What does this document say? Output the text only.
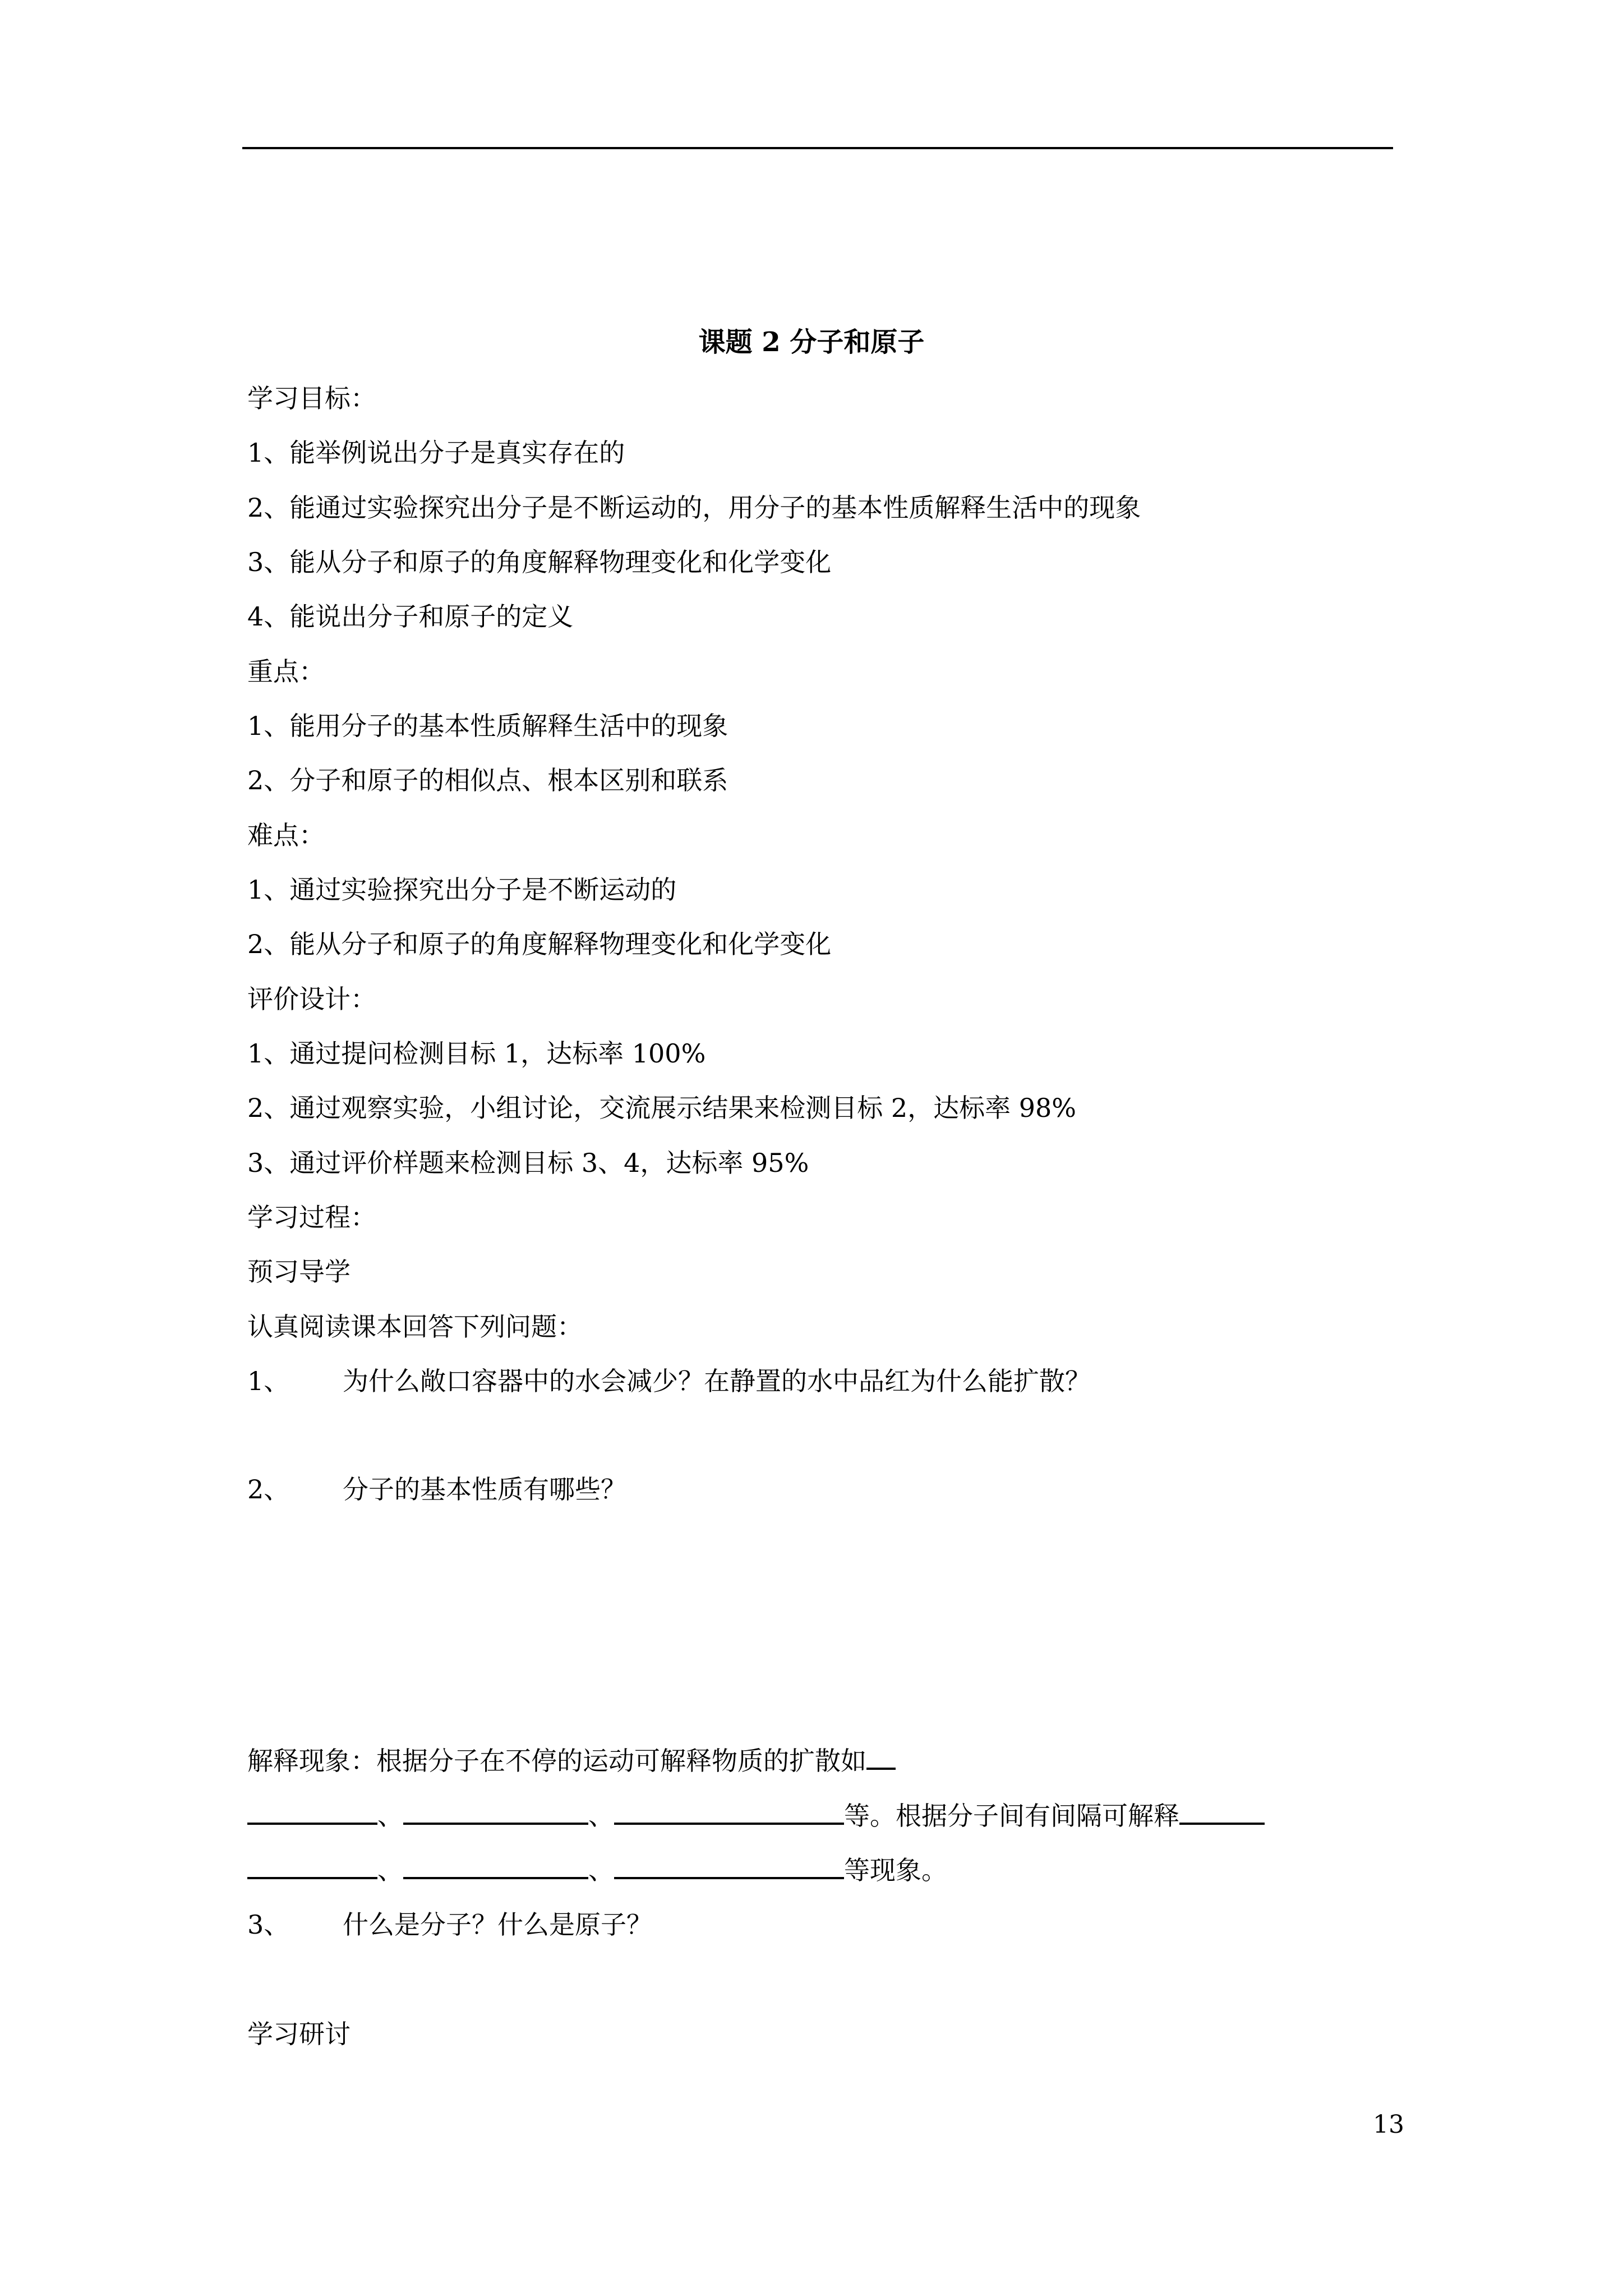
课题 2 分子和原子
学习目标：
1、能举例说出分子是真实存在的
2、能通过实验探究出分子是不断运动的，用分子的基本性质解释生活中的现象
3、能从分子和原子的角度解释物理变化和化学变化
4、能说出分子和原子的定义
重点：
1、能用分子的基本性质解释生活中的现象
2、分子和原子的相似点、根本区别和联系
难点：
1、通过实验探究出分子是不断运动的
2、能从分子和原子的角度解释物理变化和化学变化
评价设计：
1、通过提问检测目标 1，达标率 100%
2、通过观察实验，小组讨论，交流展示结果来检测目标 2，达标率 98%
3、通过评价样题来检测目标 3、4，达标率 95%
学习过程：
预习导学
认真阅读课本回答下列问题：
1、 为什么敞口容器中的水会减少？在静置的水中品红为什么能扩散？
2、 分子的基本性质有哪些？
解释现象：根据分子在不停的运动可解释物质的扩散如
、	、	等。根据分子间有间隔可解释
、	、	等现象。
3、 什么是分子？什么是原子？
学习研讨
13
